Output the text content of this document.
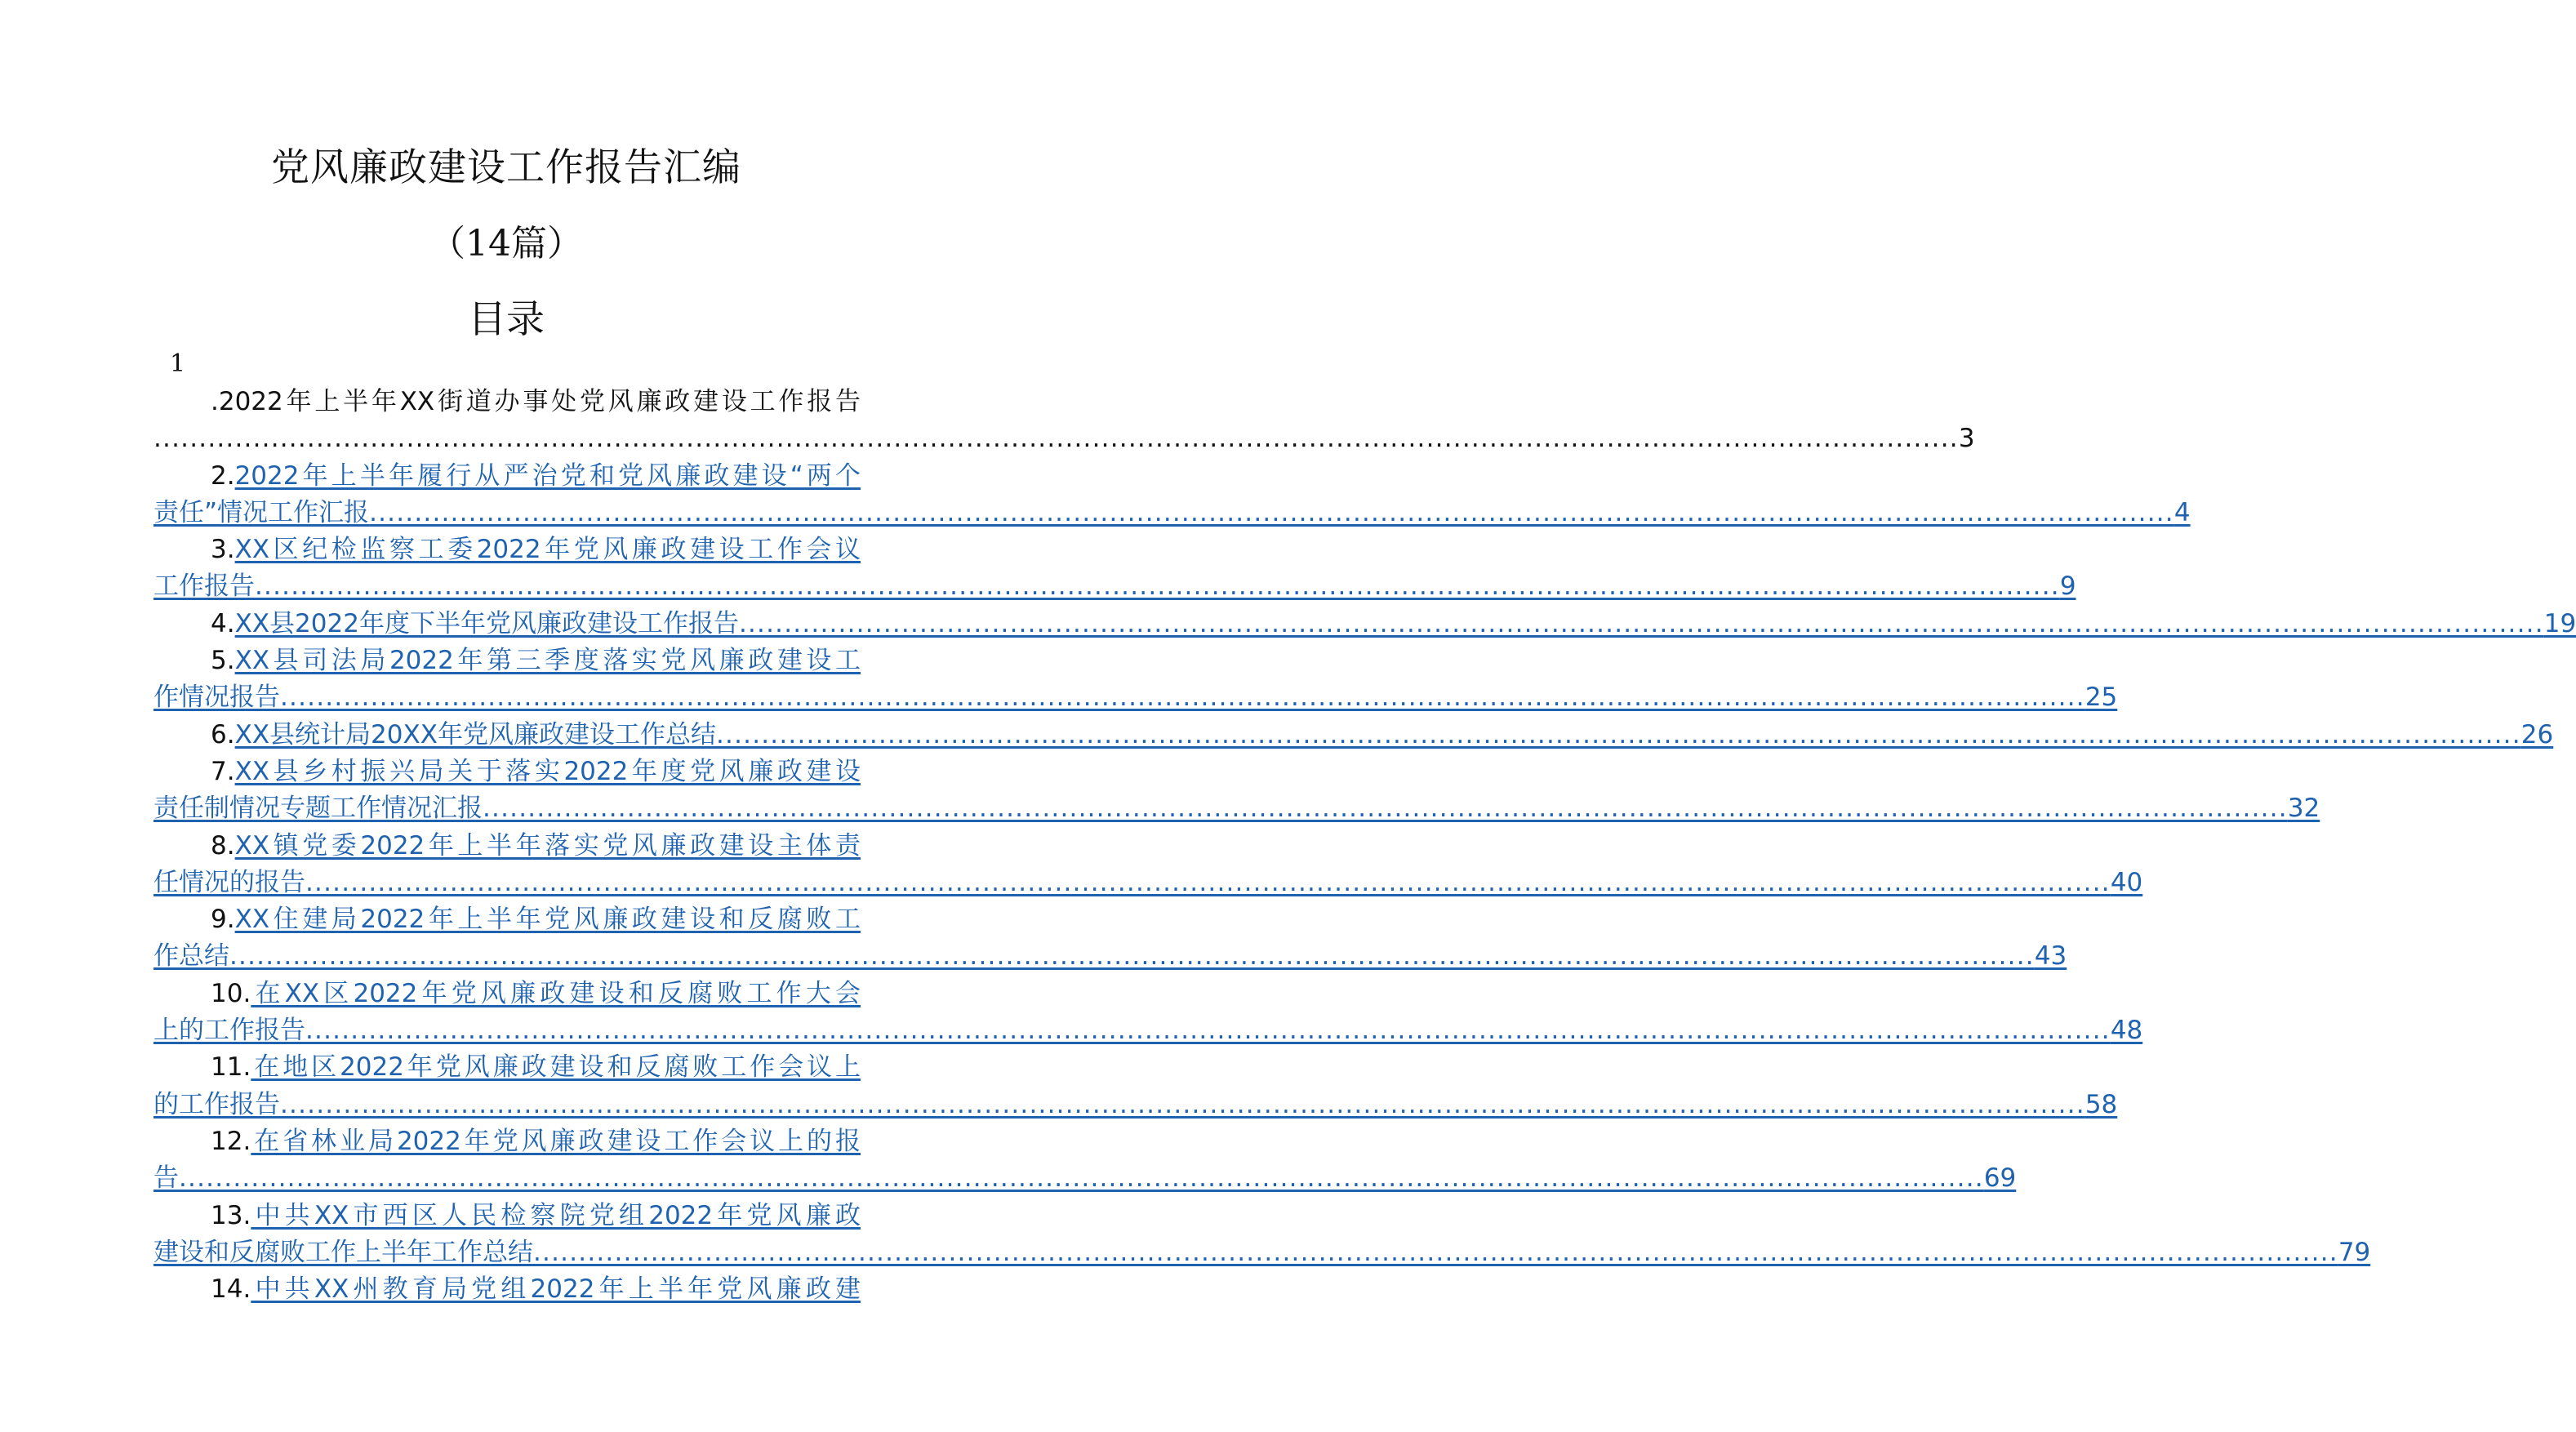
党风廉政建设工作报告汇编
（14篇）
目录
1
.2022年上半年XX街道办事处党风廉政建设工作报告
........................................................................................................................................................................................................ 3
2.2022年上半年履行从严治党和党风廉政建设“两个
责任”情况工作汇报 ........................................................................................................................................................................................................ 4
3.XX区纪检监察工委2022年党风廉政建设工作会议
工作报告 ........................................................................................................................................................................................................ 9
4. XX县2022年度下半年党风廉政建设工作报告 ........................................................................................................................................................................................................ 19
5.XX县司法局2022年第三季度落实党风廉政建设工
作情况报告 ........................................................................................................................................................................................................ 25
6. XX县统计局20XX年党风廉政建设工作总结 ........................................................................................................................................................................................................ 26
7.XX县乡村振兴局关于落实2022年度党风廉政建设
责任制情况专题工作情况汇报 ........................................................................................................................................................................................................ 32
8.XX镇党委2022年上半年落实党风廉政建设主体责
任情况的报告 ........................................................................................................................................................................................................ 40
9.XX住建局2022年上半年党风廉政建设和反腐败工
作总结 ........................................................................................................................................................................................................ 43
10.在XX区2022年党风廉政建设和反腐败工作大会
上的工作报告 ........................................................................................................................................................................................................ 48
11.在地区2022年党风廉政建设和反腐败工作会议上
的工作报告 ........................................................................................................................................................................................................ 58
12.在省林业局2022年党风廉政建设工作会议上的报
告 ........................................................................................................................................................................................................ 69
13.中共XX市西区人民检察院党组2022年党风廉政
建设和反腐败工作上半年工作总结 ........................................................................................................................................................................................................ 79
14.中共XX州教育局党组2022年上半年党风廉政建
